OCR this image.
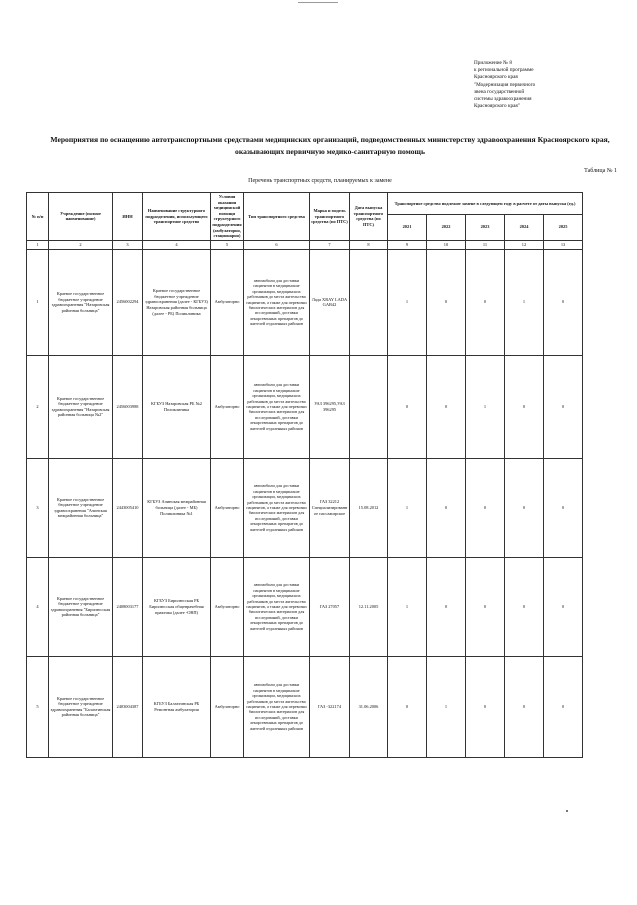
Приложение № 8
к региональной программе
Красноярского края
"Модернизация первичного
звена государственной
системы здравоохранения
Красноярского края"
Мероприятия по оснащению автотранспортными средствами медицинских организаций, подведомственных министерству здравоохранения Красноярского края, оказывающих первичную медико-санитарную помощь
Таблица № 1
Перечень транспортных средств, планируемых к замене
№ п/п	Учреждение (полное наименование)	ИНН	Наименование структурного подразделения, использующего транспортное средство	Условия оказания медицинской помощи структурного подразделения (амбулаторно, стационарно)	Тип транспортного средства	Марка и модель транспортного средства (по ПТС)	Дата выпуска транспортного средства (по ПТС)	Транспортное средство подлежит замене в следующем году в расчете от даты выпуска (ед.)				
								2021	2022	2023	2024	2025
1	2	3	4	5	6	7	8	9	10	11	12	13
1	Краевое государственное бюджетное учреждение здравоохранения "Назаровская районная больница"	2456002294	Краевое государственное бюджетное учреждение здравоохранения (далее - КГБУЗ) Назаровская районная больница (далее - РБ) Поликлиника	Амбулаторно	автомобили для доставки пациентов в медицинские организации, медицинских работников до места жительства пациентов, а также для перевозки биологических материалов для исследований, доставки лекарственных препаратов до жителей отдаленных районов	Лада XRAY LADA GAB42		1	0	0	1	0
2	Краевое государственное бюджетное учреждение здравоохранения "Назаровская районная больница №2"	2456003988	КГБУЗ Назаровская РБ №2 Поликлиника	Амбулаторно	автомобили для доставки пациентов в медицинские организации, медицинских работников до места жительства пациентов, а также для перевозки биологических материалов для исследований, доставки лекарственных препаратов до жителей отдаленных районов	УАЗ 396295,УАЗ 396295		0	0	1	0	0
3	Краевое государственное бюджетное учреждение здравоохранения "Ачинская межрайонная больница"	2443005410	КГБУЗ Ачинская межрайонная больница (далее - МБ) Поликлиника №1	Амбулаторно	автомобили для доставки пациентов в медицинские организации, медицинских работников до места жительства пациентов, а также для перевозки биологических материалов для исследований, доставки лекарственных препаратов до жителей отдаленных районов	ГАЗ 32212 Специализированное пассажирское	15.08.2012	1	0	0	0	0
4	Краевое государственное бюджетное учреждение здравоохранения "Бирилюсская районная больница"	2408003177	КГБУЗ Бирилюсская РБ Бирилюсская общеврачебная практика (далее -ОВП)	Амбулаторно	автомобили для доставки пациентов в медицинские организации, медицинских работников до места жительства пациентов, а также для перевозки биологических материалов для исследований, доставки лекарственных препаратов до жителей отдаленных районов	ГАЗ 27057	12.11.2005	1	0	0	0	0
5	Краевое государственное бюджетное учреждение здравоохранения "Балахтинская районная больница"	2403004387	КГБУЗ Балахтинская РБ Ремонтная амбулатория	Амбулаторно	автомобили для доставки пациентов в медицинские организации, медицинских работников до места жительства пациентов, а также для перевозки биологических материалов для исследований, доставки лекарственных препаратов до жителей отдаленных районов	ГАЗ -322174	31.06.2006	0	1	0	0	0
